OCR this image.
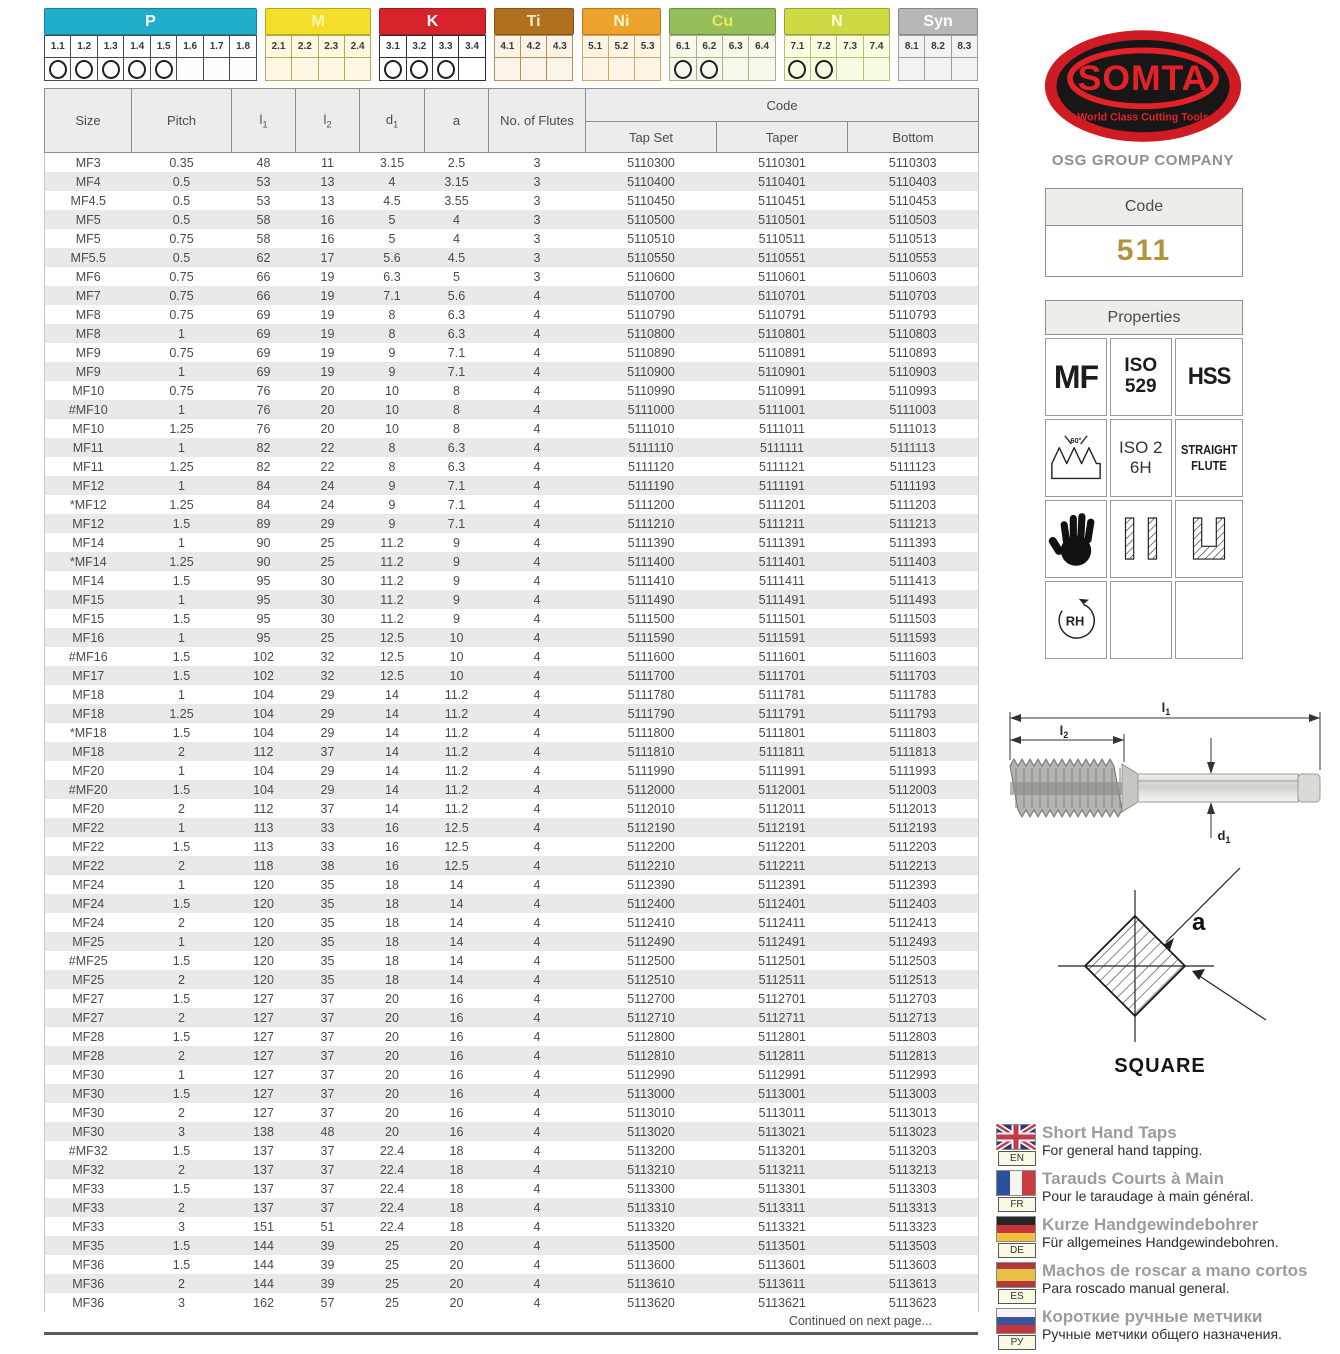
P
1.1	1.2	1.3	1.4	1.5	1.6	1.7	1.8
M
2.1	2.2	2.3	2.4
K
3.1	3.2	3.3	3.4
Ti
4.1	4.2	4.3
Ni
5.1	5.2	5.3
Cu
6.1	6.2	6.3	6.4
N
7.1	7.2	7.3	7.4
Syn
8.1	8.2	8.3
Size	Pitch	$l_1$	$l_2$	$d_1$	a	No. of Flutes	Code		
							Tap Set	Taper	Bottom
MF3	0.35	48	11	3.15	2.5	3	5110300	5110301	5110303
MF4	0.5	53	13	4	3.15	3	5110400	5110401	5110403
MF4.5	0.5	53	13	4.5	3.55	3	5110450	5110451	5110453
MF5	0.5	58	16	5	4	3	5110500	5110501	5110503
MF5	0.75	58	16	5	4	3	5110510	5110511	5110513
MF5.5	0.5	62	17	5.6	4.5	3	5110550	5110551	5110553
MF6	0.75	66	19	6.3	5	3	5110600	5110601	5110603
MF7	0.75	66	19	7.1	5.6	4	5110700	5110701	5110703
MF8	0.75	69	19	8	6.3	4	5110790	5110791	5110793
MF8	1	69	19	8	6.3	4	5110800	5110801	5110803
MF9	0.75	69	19	9	7.1	4	5110890	5110891	5110893
MF9	1	69	19	9	7.1	4	5110900	5110901	5110903
MF10	0.75	76	20	10	8	4	5110990	5110991	5110993
#MF10	1	76	20	10	8	4	5111000	5111001	5111003
MF10	1.25	76	20	10	8	4	5111010	5111011	5111013
MF11	1	82	22	8	6.3	4	5111110	5111111	5111113
MF11	1.25	82	22	8	6.3	4	5111120	5111121	5111123
MF12	1	84	24	9	7.1	4	5111190	5111191	5111193
*MF12	1.25	84	24	9	7.1	4	5111200	5111201	5111203
MF12	1.5	89	29	9	7.1	4	5111210	5111211	5111213
MF14	1	90	25	11.2	9	4	5111390	5111391	5111393
*MF14	1.25	90	25	11.2	9	4	5111400	5111401	5111403
MF14	1.5	95	30	11.2	9	4	5111410	5111411	5111413
MF15	1	95	30	11.2	9	4	5111490	5111491	5111493
MF15	1.5	95	30	11.2	9	4	5111500	5111501	5111503
MF16	1	95	25	12.5	10	4	5111590	5111591	5111593
#MF16	1.5	102	32	12.5	10	4	5111600	5111601	5111603
MF17	1.5	102	32	12.5	10	4	5111700	5111701	5111703
MF18	1	104	29	14	11.2	4	5111780	5111781	5111783
MF18	1.25	104	29	14	11.2	4	5111790	5111791	5111793
*MF18	1.5	104	29	14	11.2	4	5111800	5111801	5111803
MF18	2	112	37	14	11.2	4	5111810	5111811	5111813
MF20	1	104	29	14	11.2	4	5111990	5111991	5111993
#MF20	1.5	104	29	14	11.2	4	5112000	5112001	5112003
MF20	2	112	37	14	11.2	4	5112010	5112011	5112013
MF22	1	113	33	16	12.5	4	5112190	5112191	5112193
MF22	1.5	113	33	16	12.5	4	5112200	5112201	5112203
MF22	2	118	38	16	12.5	4	5112210	5112211	5112213
MF24	1	120	35	18	14	4	5112390	5112391	5112393
MF24	1.5	120	35	18	14	4	5112400	5112401	5112403
MF24	2	120	35	18	14	4	5112410	5112411	5112413
MF25	1	120	35	18	14	4	5112490	5112491	5112493
#MF25	1.5	120	35	18	14	4	5112500	5112501	5112503
MF25	2	120	35	18	14	4	5112510	5112511	5112513
MF27	1.5	127	37	20	16	4	5112700	5112701	5112703
MF27	2	127	37	20	16	4	5112710	5112711	5112713
MF28	1.5	127	37	20	16	4	5112800	5112801	5112803
MF28	2	127	37	20	16	4	5112810	5112811	5112813
MF30	1	127	37	20	16	4	5112990	5112991	5112993
MF30	1.5	127	37	20	16	4	5113000	5113001	5113003
MF30	2	127	37	20	16	4	5113010	5113011	5113013
MF30	3	138	48	20	16	4	5113020	5113021	5113023
#MF32	1.5	137	37	22.4	18	4	5113200	5113201	5113203
MF32	2	137	37	22.4	18	4	5113210	5113211	5113213
MF33	1.5	137	37	22.4	18	4	5113300	5113301	5113303
MF33	2	137	37	22.4	18	4	5113310	5113311	5113313
MF33	3	151	51	22.4	18	4	5113320	5113321	5113323
MF35	1.5	144	39	25	20	4	5113500	5113501	5113503
MF36	1.5	144	39	25	20	4	5113600	5113601	5113603
MF36	2	144	39	25	20	4	5113610	5113611	5113613
MF36	3	162	57	25	20	4	5113620	5113621	5113623
Continued on next page...
SOMTA
World Class Cutting Tools
OSG GROUP COMPANY
Code
511
Properties
MF ISO
529 HSS
60° ISO 2
6H
STRAIGHT
FLUTE
RH
$l_1$
$l_2$
$d_1$
a
SQUARE
EN
Short Hand Taps
For general hand tapping.
FR
Tarauds Courts à Main
Pour le taraudage à main général.
DE
Kurze Handgewindebohrer
Für allgemeines Handgewindebohren.
ES
Machos de roscar a mano cortos
Para roscado manual general.
РУ
Короткие ручные метчики
Ручные метчики общего назначения.
